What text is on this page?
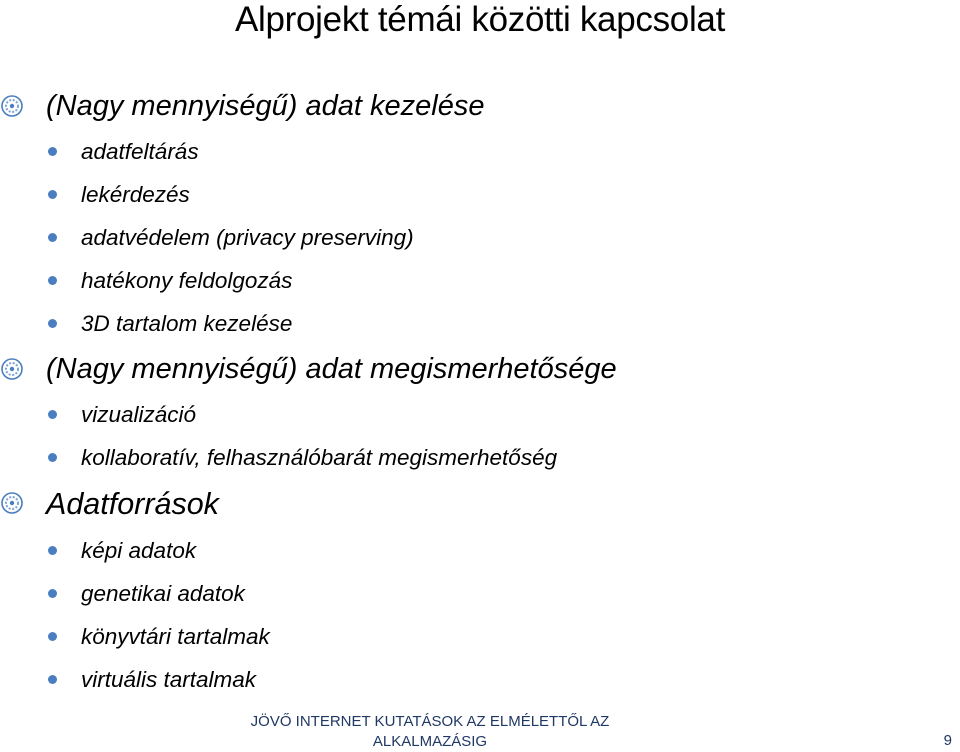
Alprojekt témái közötti kapcsolat
(Nagy mennyiségű) adat kezelése
adatfeltárás
lekérdezés
adatvédelem (privacy preserving)
hatékony feldolgozás
3D tartalom kezelése
(Nagy mennyiségű) adat megismerhetősége
vizualizáció
kollaboratív, felhasználóbarát megismerhetőség
Adatforrások
képi adatok
genetikai adatok
könyvtári tartalmak
virtuális tartalmak
JÖVŐ INTERNET KUTATÁSOK AZ ELMÉLETTŐL AZ
ALKALMAZÁSIG	9
